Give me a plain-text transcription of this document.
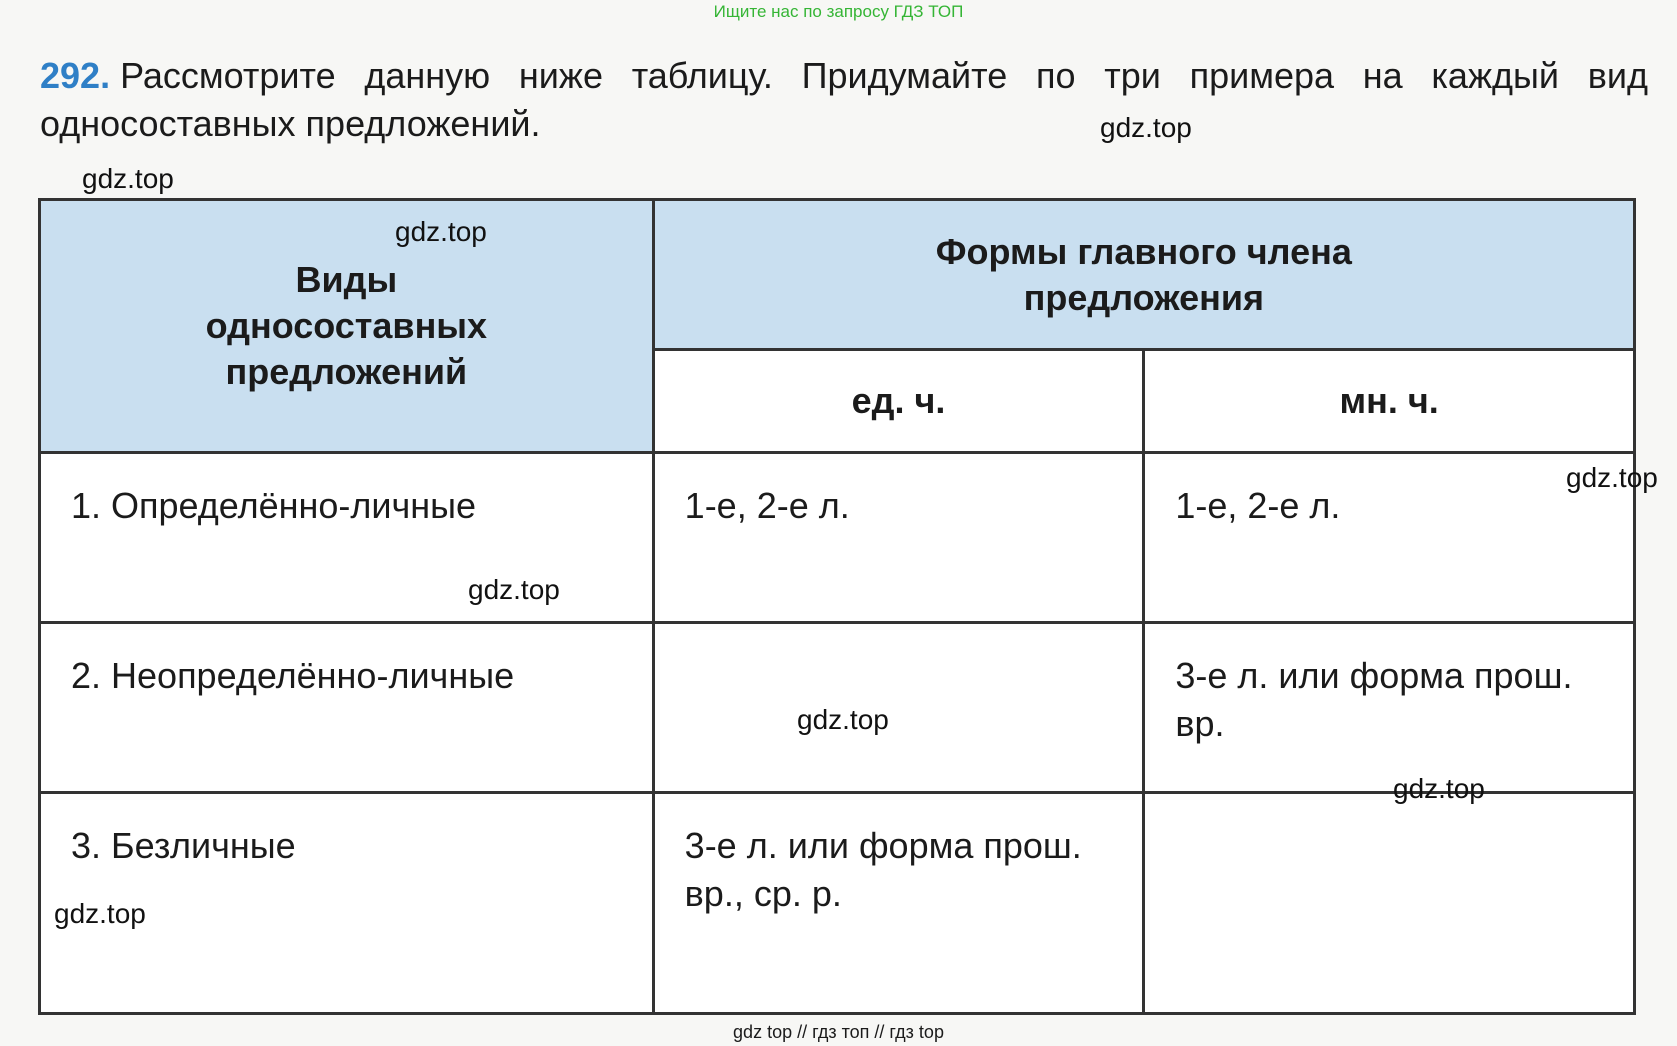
Ищите нас по запросу ГДЗ ТОП
292. Рассмотрите данную ниже таблицу. Придумайте по три примера на каждый вид односоставных предложений.
Виды односоставных предложений	Формы главного члена предложения	

	ед. ч.	мн. ч.

1. Определённо-личные	1-е, 2-е л.	1-е, 2-е л.

2. Неопределённо-личные		3-е л. или форма прош. вр.

3. Безличные	3-е л. или форма прош. вр., ср. р.	

gdz.top
gdz.top
gdz.top
gdz.top
gdz.top
gdz.top
gdz.top
gdz.top
gdz top // гдз топ // гдз top
